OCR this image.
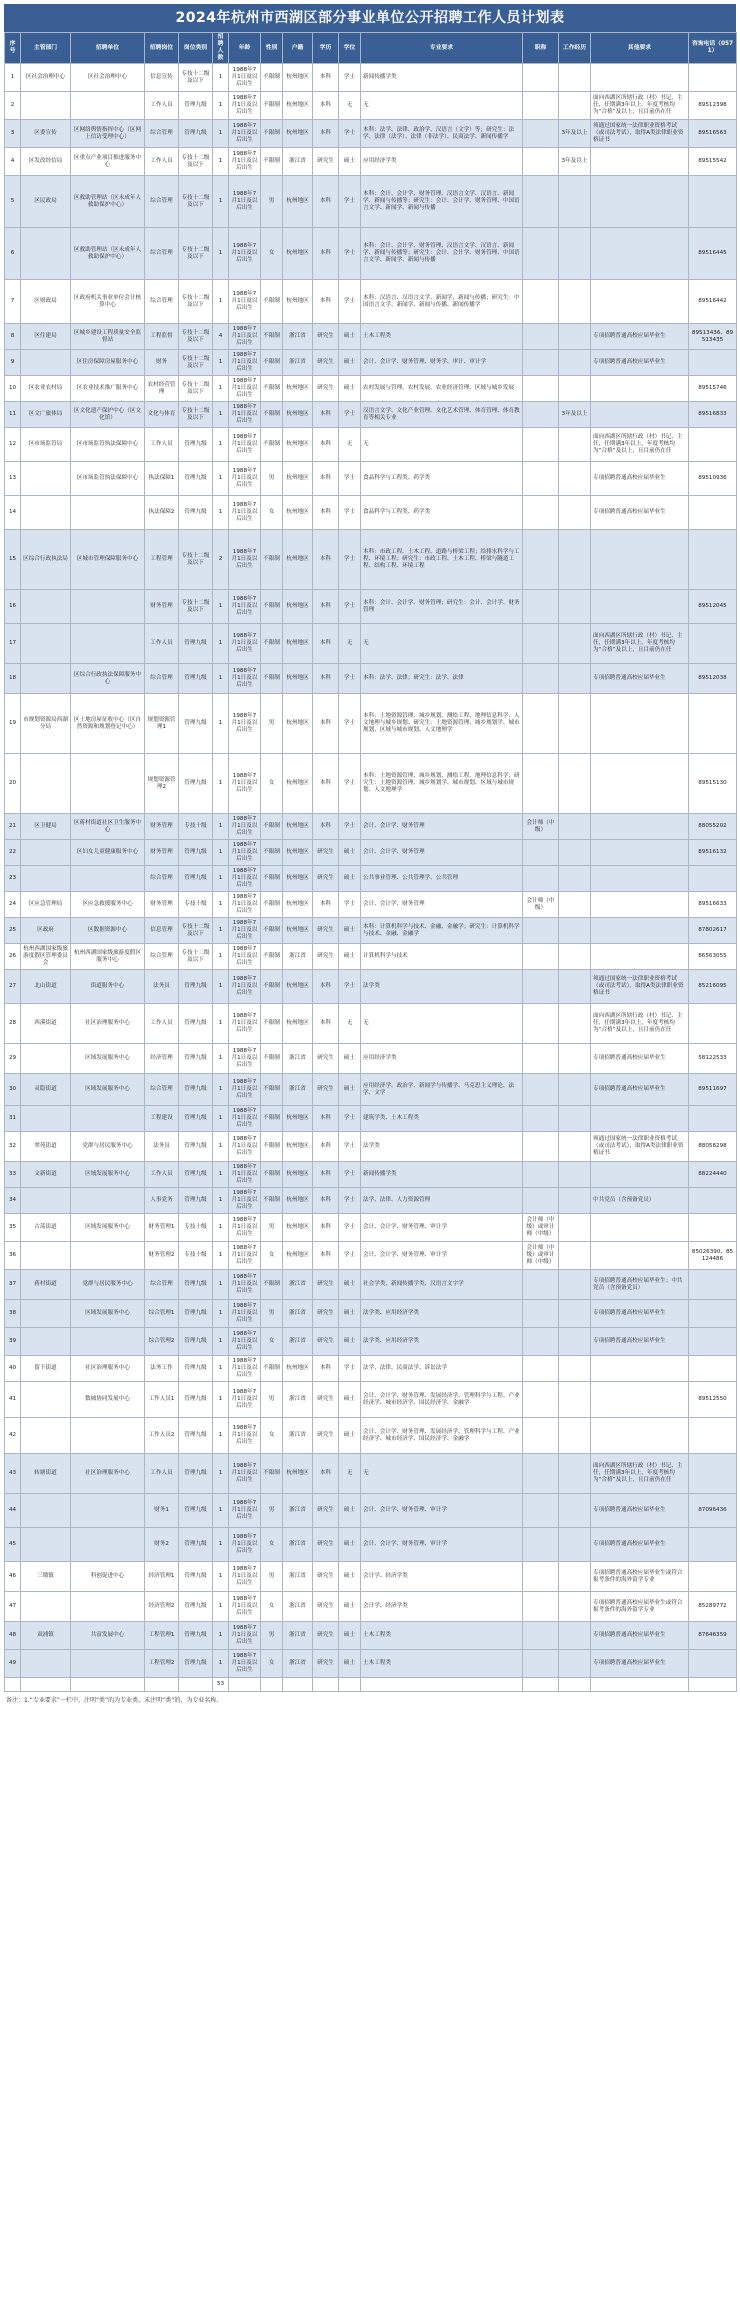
2024年杭州市西湖区部分事业单位公开招聘工作人员计划表
序号	主管部门	招聘单位	招聘岗位	岗位类别	招聘人数	年龄	性别	户籍	学历	学位	专业要求	职称	工作经历	其他要求	咨询电话（0571）
1	区社会治理中心	区社会治理中心	信息宣传	专技十二级及以下	1	1988年7月1日及以后出生	不限制	杭州地区	本科	学士	新闻传播学类				
2			工作人员	管理九级	1	1988年7月1日及以后出生	不限制	杭州地区	本科	无	无			面向西湖区所辖行政（村）书记、主任，任期满3年以上，年度考核均为“合格”及以上，且目前仍在任	89512398
3	区委宣传	区网络舆情指挥中心（区网上信访受理中心）	综合管理	管理九级	1	1988年7月1日及以后出生	不限制	杭州地区	本科	学士	本科：法学、法律、政治学、汉语言（文学）等；研究生：法学、法律（法学）、法律（非法学）、民商法学、新闻传播学		3年及以上	须通过国家统一法律职业资格考试（或司法考试），取得A类法律职业资格证书	89516563
4	区发改经信局	区重点产业项目推进服务中心	工作人员	专技十二级及以下	1	1988年7月1日及以后出生	不限制	浙江省	研究生	硕士	应用经济学类		3年及以上		89515542
5	区民政局	区救助管理站（区未成年人救助保护中心）	综合管理	专技十二级及以下	1	1988年7月1日及以后出生	男	杭州地区	本科	学士	本科：会计、会计学、财务管理、汉语言文学、汉语言、新闻学、新闻与传播等；研究生：会计、会计学、财务管理、中国语言文学、新闻学、新闻与传播				
6		区救助管理站（区未成年人救助保护中心）	综合管理	专技十二级及以下	1	1988年7月1日及以后出生	女	杭州地区	本科	学士	本科：会计、会计学、财务管理、汉语言文学、汉语言、新闻学、新闻与传播等；研究生：会计、会计学、财务管理、中国语言文学、新闻学、新闻与传播				89516445
7	区财政局	区政府机关事业单位会计核算中心	综合管理	专技十二级及以下	1	1988年7月1日及以后出生	不限制	杭州地区	本科	学士	本科：汉语言、汉语言文学、新闻学、新闻与传播；研究生：中国语言文学、新闻学、新闻与传播、新闻传播学				89516442
8	区住建局	区城乡建设工程质量安全监督站	工程监督	专技十二级及以下	4	1988年7月1日及以后出生	不限制	浙江省	研究生	硕士	土木工程类			专项招聘普通高校应届毕业生	89513436、89513435
9		区住房保障房屋服务中心	财务	专技十二级及以下	1	1988年7月1日及以后出生	不限制	浙江省	研究生	硕士	会计、会计学、财务管理、财务学、审计、审计学			专项招聘普通高校应届毕业生	
10	区农业农村局	区农业技术推广服务中心	农村经营管理	专技十二级及以下	1	1988年7月1日及以后出生	不限制	杭州地区	研究生	硕士	农村发展与管理、农村发展、农业经济管理、区域与城乡发展				89515746
11	区文广旅体局	区文化遗产保护中心（区文化馆）	文化与体育	专技十二级及以下	1	1988年7月1日及以后出生	不限制	杭州地区	本科	学士	汉语言文学、文化产业管理、文化艺术管理、体育管理、体育教育等相关专业		3年及以上		89516833
12	区市场监管局	区市场监管执法保障中心	工作人员	管理九级	1	1988年7月1日及以后出生	不限制	杭州地区	本科	无	无			面向西湖区所辖行政（村）书记、主任，任期满3年以上，年度考核均为“合格”及以上，且目前仍在任	
13		区市场监管执法保障中心	执法保障1	管理九级	1	1988年7月1日及以后出生	男	杭州地区	本科	学士	食品科学与工程类、药学类			专项招聘普通高校应届毕业生	89510936
14			执法保障2	管理九级	1	1988年7月1日及以后出生	女	杭州地区	本科	学士	食品科学与工程类、药学类			专项招聘普通高校应届毕业生	
15	区综合行政执法局	区城市管理保障服务中心	工程管理	专技十二级及以下	2	1988年7月1日及以后出生	不限制	杭州地区	本科	学士	本科：市政工程、土木工程、道路与桥梁工程；给排水科学与工程、环境工程；研究生：市政工程、土木工程、桥梁与隧道工程、结构工程、环境工程				
16			财务管理	专技十二级及以下	1	1988年7月1日及以后出生	不限制	杭州地区	本科	学士	本科：会计、会计学、财务管理；研究生：会计、会计学、财务管理				89512045
17			工作人员	管理九级	1	1988年7月1日及以后出生	不限制	杭州地区	本科	无	无			面向西湖区所辖行政（村）书记、主任，任期满3年以上，年度考核均为“合格”及以上，且目前仍在任	
18		区综合行政执法保障服务中心	综合管理	管理九级	1	1988年7月1日及以后出生	不限制	杭州地区	本科	学士	本科：法学、法律；研究生：法学、法律			专项招聘普通高校应届毕业生	89512038
19	市规划资源局西湖分局	区土地房屋征收中心（区自然资源和规划登记中心）	规划资源管理1	管理九级	1	1988年7月1日及以后出生	男	杭州地区	本科	学士	本科：土地资源管理、城乡规划、测绘工程、地理信息科学、人文地理与城乡规划；研究生：土地资源管理、城乡规划学、城市规划、区域与城市规划、人文地理学				
20			规划资源管理2	管理九级	1	1988年7月1日及以后出生	女	杭州地区	本科	学士	本科：土地资源管理、城乡规划、测绘工程、地理信息科学；研究生：土地资源管理、城乡规划学、城市规划、区域与城市规划、人文地理学				89515130
21	区卫健局	区蒋村街道社区卫生服务中心	财务管理	专技十级	1	1988年7月1日及以后出生	不限制	杭州地区	本科	学士	会计、会计学、财务管理	会计师（中级）			88055202
22		区妇女儿童健康服务中心	财务管理	管理九级	1	1988年7月1日及以后出生	不限制	杭州地区	研究生	硕士	会计、会计学、财务管理				89516132
23			综合管理	管理九级	1	1988年7月1日及以后出生	不限制	杭州地区	研究生	硕士	公共事业管理、公共管理学、公共管理				
24	区应急管理局	区应急救援服务中心	财务管理	专技十级	1	1988年7月1日及以后出生	不限制	杭州地区	本科	学士	会计、会计学、财务管理	会计师（中级）			89516633
25	区政府	区数据资源中心	信息管理	专技十二级及以下	1	1988年7月1日及以后出生	不限制	杭州地区	研究生	硕士	本科：计算机科学与技术、金融、金融学；研究生：计算机科学与技术、金融、金融学				87802617
26	杭州西湖国家级旅游度假区管理委员会	杭州西湖国家级旅游度假区服务中心	综合管理	专技十二级及以下	1	1988年7月1日及以后出生	不限制	浙江省	研究生	硕士	计算机科学与技术				86563055
27	北山街道	街道服务中心	法务员	管理九级	1	1988年7月1日及以后出生	不限制	杭州地区	本科	学士	法学类			须通过国家统一法律职业资格考试（或司法考试），取得A类法律职业资格证书	85216095
28	西溪街道	社区治理服务中心	工作人员	管理九级	1	1988年7月1日及以后出生	不限制	杭州地区	本科	无	无			面向西湖区所辖行政（村）书记、主任，任期满3年以上，年度考核均为“合格”及以上，且目前仍在任	
29		区域发展服务中心	经济管理	管理九级	1	1988年7月1日及以后出生	不限制	浙江省	研究生	硕士	应用经济学类			专项招聘普通高校应届毕业生	58122533
30	灵隐街道	区域发展服务中心	综合管理	管理九级	1	1988年7月1日及以后出生	不限制	浙江省	研究生	硕士	应用经济学、政治学、新闻学与传播学、马克思主义理论、法学、文学			专项招聘普通高校应届毕业生	89511697
31			工程建设	管理九级	1	1988年7月1日及以后出生	不限制	杭州地区	本科	学士	建筑学类、土木工程类				
32	翠苑街道	党群与居民服务中心	法务员	管理九级	1	1988年7月1日及以后出生	不限制	杭州地区	本科	学士	法学类			须通过国家统一法律职业资格考试（或司法考试），取得A类法律职业资格证书	88058298
33	文新街道	区域发展服务中心	工作人员	管理九级	1	1988年7月1日及以后出生	不限制	杭州地区	本科	学士	新闻传播学类				88224440
34			人事党务	管理九级	1	1988年7月1日及以后出生	不限制	杭州地区	本科	学士	法学、法律、人力资源管理			中共党员（含预备党员）	
35	古荡街道	区域发展服务中心	财务管理1	专技十级	1	1988年7月1日及以后出生	男	杭州地区	本科	学士	会计、会计学、财务管理、审计学	会计师（中级）或审计师（中级）			
36			财务管理2	专技十级	1	1988年7月1日及以后出生	女	杭州地区	本科	学士	会计、会计学、财务管理、审计学	会计师（中级）或审计师（中级）			85026390、85124486
37	蒋村街道	党群与居民服务中心	综合管理	管理九级	1	1988年7月1日及以后出生	不限制	浙江省	研究生	硕士	社会学类、新闻传播学类、汉语言文字学			专项招聘普通高校应届毕业生；中共党员（含预备党员）	
38		区域发展服务中心	综合管理1	管理九级	1	1988年7月1日及以后出生	男	浙江省	研究生	硕士	法学类、应用经济学类			专项招聘普通高校应届毕业生	
39			综合管理2	管理九级	1	1988年7月1日及以后出生	女	浙江省	研究生	硕士	法学类、应用经济学类			专项招聘普通高校应届毕业生	
40	留下街道	社区治理服务中心	法务工作	管理九级	1	1988年7月1日及以后出生	不限制	杭州地区	本科	学士	法学、法律、民商法学、诉讼法学				
41		数城协同发展中心	工作人员1	管理九级	1	1988年7月1日及以后出生	男	浙江省	研究生	硕士	会计、会计学、财务管理、发展经济学、管理科学与工程、产业经济学、城市经济学、国民经济学、金融学				89512550
42			工作人员2	管理九级	1	1988年7月1日及以后出生	女	浙江省	研究生	硕士	会计、会计学、财务管理、发展经济学、管理科学与工程、产业经济学、城市经济学、国民经济学、金融学				
43	转塘街道	社区治理服务中心	工作人员	管理九级	1	1988年7月1日及以后出生	不限制	杭州地区	本科	无	无			面向西湖区所辖行政（村）书记、主任，任期满3年以上，年度考核均为“合格”及以上，且目前仍在任	
44			财务1	管理九级	1	1988年7月1日及以后出生	男	浙江省	研究生	硕士	会计、会计学、财务管理、审计学			专项招聘普通高校应届毕业生	87096436
45			财务2	管理九级	1	1988年7月1日及以后出生	女	浙江省	研究生	硕士	会计、会计学、财务管理、审计学			专项招聘普通高校应届毕业生	
46	三墩镇	科创促进中心	经济管理1	管理九级	1	1988年7月1日及以后出生	男	浙江省	研究生	硕士	会计学、经济学类			专项招聘普通高校应届毕业生或符合报考条件的海外留学专业	
47			经济管理2	管理九级	1	1988年7月1日及以后出生	女	浙江省	研究生	硕士	会计学、经济学类			专项招聘普通高校应届毕业生或符合报考条件的海外留学专业	85289772
48	双浦镇	共富发展中心	工程管理1	管理九级	1	1988年7月1日及以后出生	男	浙江省	研究生	硕士	土木工程类			专项招聘普通高校应届毕业生	87646359
49			工程管理2	管理九级	1	1988年7月1日及以后出生	女	浙江省	研究生	硕士	土木工程类			专项招聘普通高校应届毕业生	
					53										
备注：1.“专业要求”一栏中，注明“类”的为专业类，未注明“类”的，为专业名称。
